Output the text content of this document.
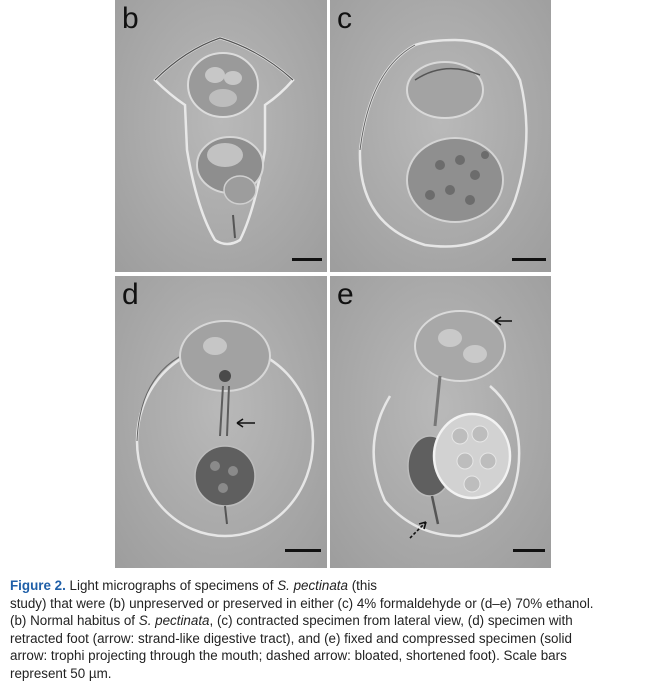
b	c
d	e

Figure 2. Light micrographs of specimens of S. pectinata (this

study) that were (b) unpreserved or preserved in either (c) 4% formaldehyde or (d–e) 70% ethanol.

(b) Normal habitus of S. pectinata, (c) contracted specimen from lateral view, (d) specimen with

retracted foot (arrow: strand-like digestive tract), and (e) fixed and compressed specimen (solid

arrow: trophi projecting through the mouth; dashed arrow: bloated, shortened foot). Scale bars

represent 50 µm.
